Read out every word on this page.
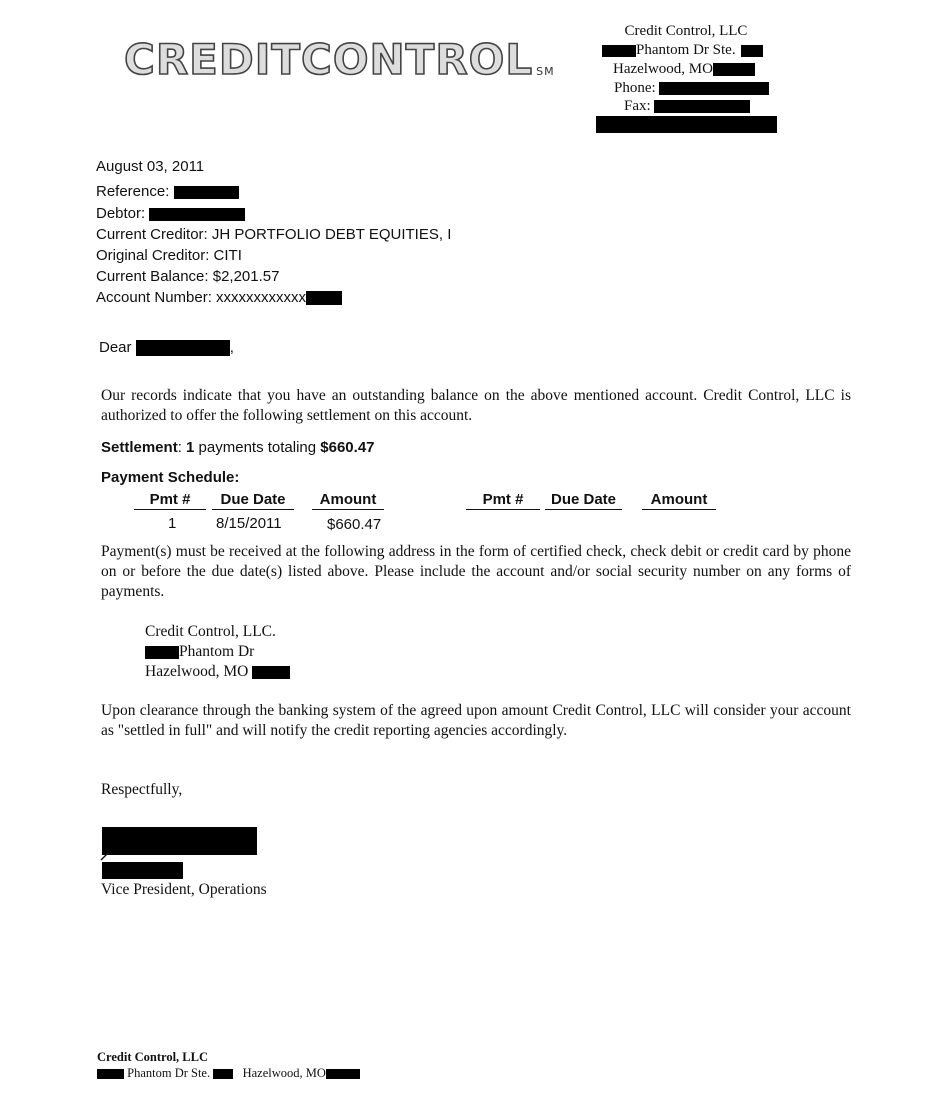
CREDITCONTROL ℠
Credit Control, LLC
Phantom Dr Ste.
Hazelwood, MO
Phone:
Fax:
August 03, 2011
Reference:
Debtor:
Current Creditor: JH PORTFOLIO DEBT EQUITIES, I
Original Creditor: CITI
Current Balance: $2,201.57
Account Number: xxxxxxxxxxxx
Dear	,
Our records indicate that you have an outstanding balance on the above mentioned account. Credit Control, LLC is authorized to offer the following settlement on this account.
Settlement: 1 payments totaling $660.47
Payment Schedule:
Pmt #	Due Date	Amount	Pmt #	Due Date	Amount
1	8/15/2011	$660.47
Payment(s) must be received at the following address in the form of certified check, check debit or credit card by phone on or before the due date(s) listed above. Please include the account and/or social security number on any forms of payments.
Credit Control, LLC.
Phantom Dr
Hazelwood, MO
Upon clearance through the banking system of the agreed upon amount Credit Control, LLC will consider your account as "settled in full" and will notify the credit reporting agencies accordingly.
Respectfully,
Vice President, Operations
Credit Control, LLC
Phantom Dr Ste.	Hazelwood, MO
